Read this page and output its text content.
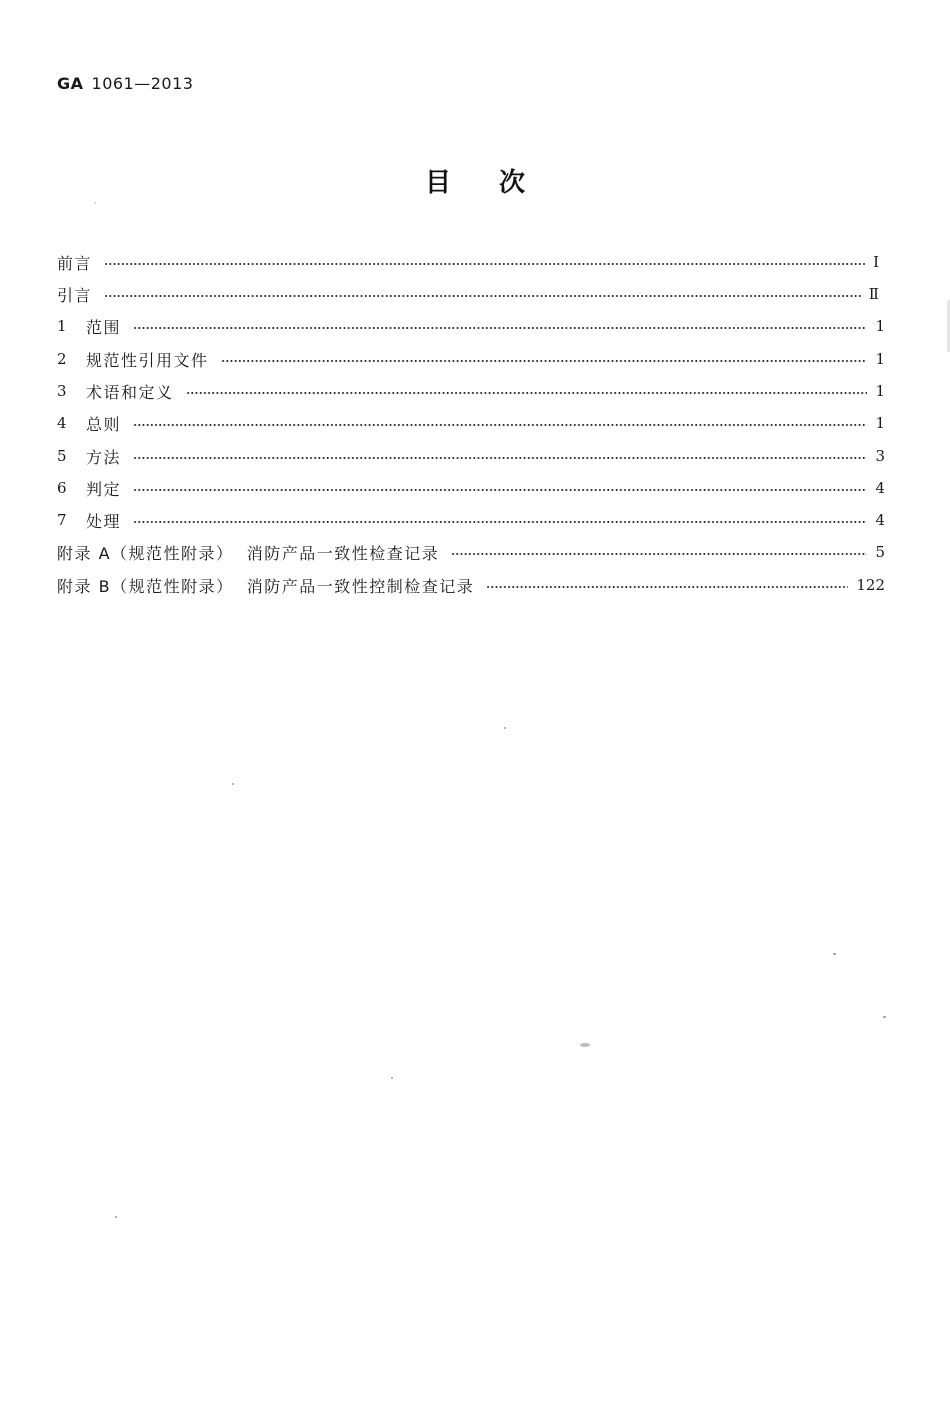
GA 1061—2013
目次
前言	Ⅰ
引言	Ⅱ
1	范围	1
2	规范性引用文件	1
3	术语和定义	1
4	总则	1
5	方法	3
6	判定	4
7	处理	4
附录 A（规范性附录）  消防产品一致性检查记录	5
附录 B（规范性附录）  消防产品一致性控制检查记录	122
